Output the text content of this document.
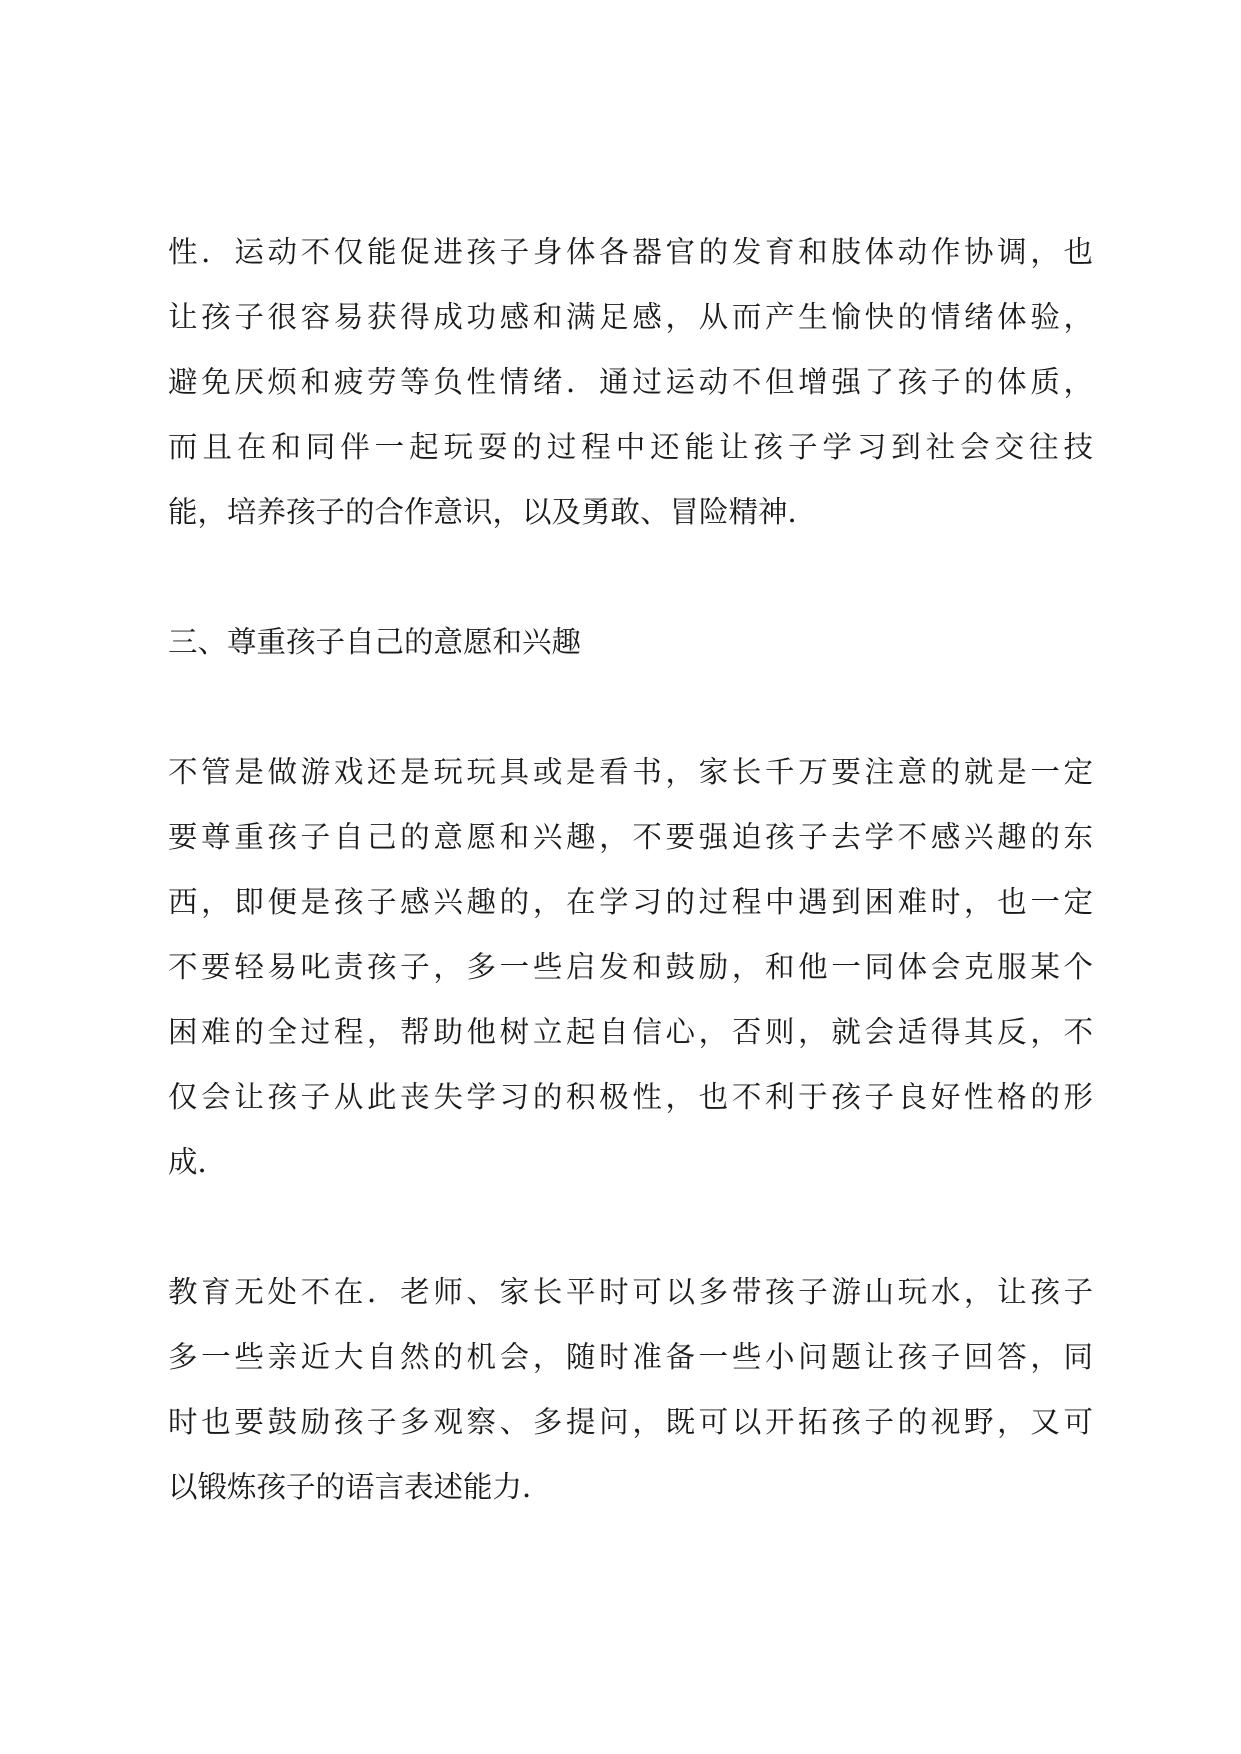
性．运动不仅能促进孩子身体各器官的发育和肢体动作协调，也
让孩子很容易获得成功感和满足感，从而产生愉快的情绪体验，
避免厌烦和疲劳等负性情绪．通过运动不但增强了孩子的体质，
而且在和同伴一起玩耍的过程中还能让孩子学习到社会交往技
能，培养孩子的合作意识，以及勇敢、冒险精神．
三、尊重孩子自己的意愿和兴趣
不管是做游戏还是玩玩具或是看书，家长千万要注意的就是一定
要尊重孩子自己的意愿和兴趣，不要强迫孩子去学不感兴趣的东
西，即便是孩子感兴趣的，在学习的过程中遇到困难时，也一定
不要轻易叱责孩子，多一些启发和鼓励，和他一同体会克服某个
困难的全过程，帮助他树立起自信心，否则，就会适得其反，不
仅会让孩子从此丧失学习的积极性，也不利于孩子良好性格的形
成．
教育无处不在．老师、家长平时可以多带孩子游山玩水，让孩子
多一些亲近大自然的机会，随时准备一些小问题让孩子回答，同
时也要鼓励孩子多观察、多提问，既可以开拓孩子的视野，又可
以锻炼孩子的语言表述能力．
